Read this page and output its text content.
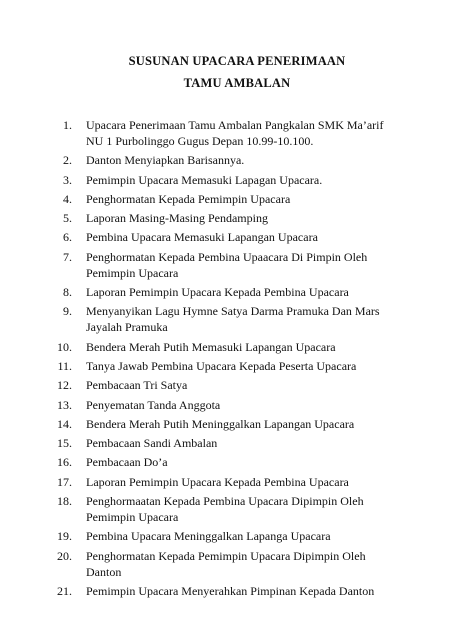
SUSUNAN UPACARA PENERIMAAN
TAMU AMBALAN
1. Upacara Penerimaan Tamu Ambalan Pangkalan SMK Ma’arif
NU 1 Purbolinggo Gugus Depan 10.99-10.100.
2. Danton Menyiapkan Barisannya.
3. Pemimpin Upacara Memasuki Lapagan Upacara.
4. Penghormatan Kepada Pemimpin Upacara
5. Laporan Masing-Masing Pendamping
6. Pembina Upacara Memasuki Lapangan Upacara
7. Penghormatan Kepada Pembina Upaacara Di Pimpin Oleh
Pemimpin Upacara
8. Laporan Pemimpin Upacara Kepada Pembina Upacara
9. Menyanyikan Lagu Hymne Satya Darma Pramuka Dan Mars
Jayalah Pramuka
10. Bendera Merah Putih Memasuki Lapangan Upacara
11. Tanya Jawab Pembina Upacara Kepada Peserta Upacara
12. Pembacaan Tri Satya
13. Penyematan Tanda Anggota
14. Bendera Merah Putih Meninggalkan Lapangan Upacara
15. Pembacaan Sandi Ambalan
16. Pembacaan Do’a
17. Laporan Pemimpin Upacara Kepada Pembina Upacara
18. Penghormaatan Kepada Pembina Upacara Dipimpin Oleh
Pemimpin Upacara
19. Pembina Upacara Meninggalkan Lapanga Upacara
20. Penghormatan Kepada Pemimpin Upacara Dipimpin Oleh
Danton
21. Pemimpin Upacara Menyerahkan Pimpinan Kepada Danton
